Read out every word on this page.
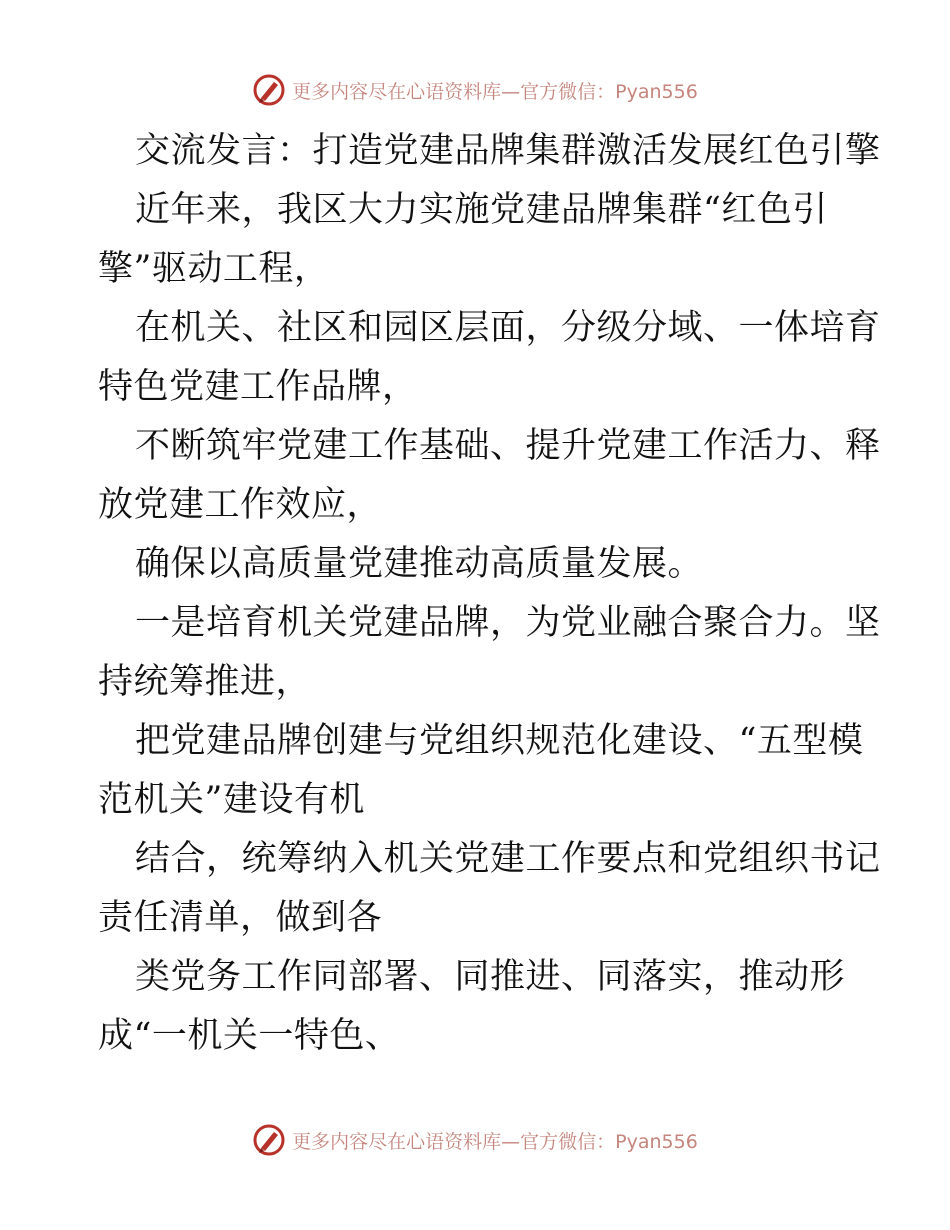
更多内容尽在心语资料库—官方微信：Pyan556

交流发言：打造党建品牌集群激活发展红色引擎

近年来，我区大力实施党建品牌集群“红色引
擎”驱动工程，

在机关、社区和园区层面，分级分域、一体培育
特色党建工作品牌，

不断筑牢党建工作基础、提升党建工作活力、释
放党建工作效应，

确保以高质量党建推动高质量发展。

一是培育机关党建品牌，为党业融合聚合力。坚
持统筹推进，

把党建品牌创建与党组织规范化建设、“五型模
范机关”建设有机

结合，统筹纳入机关党建工作要点和党组织书记
责任清单，做到各

类党务工作同部署、同推进、同落实，推动形
成“一机关一特色、

更多内容尽在心语资料库—官方微信：Pyan556
